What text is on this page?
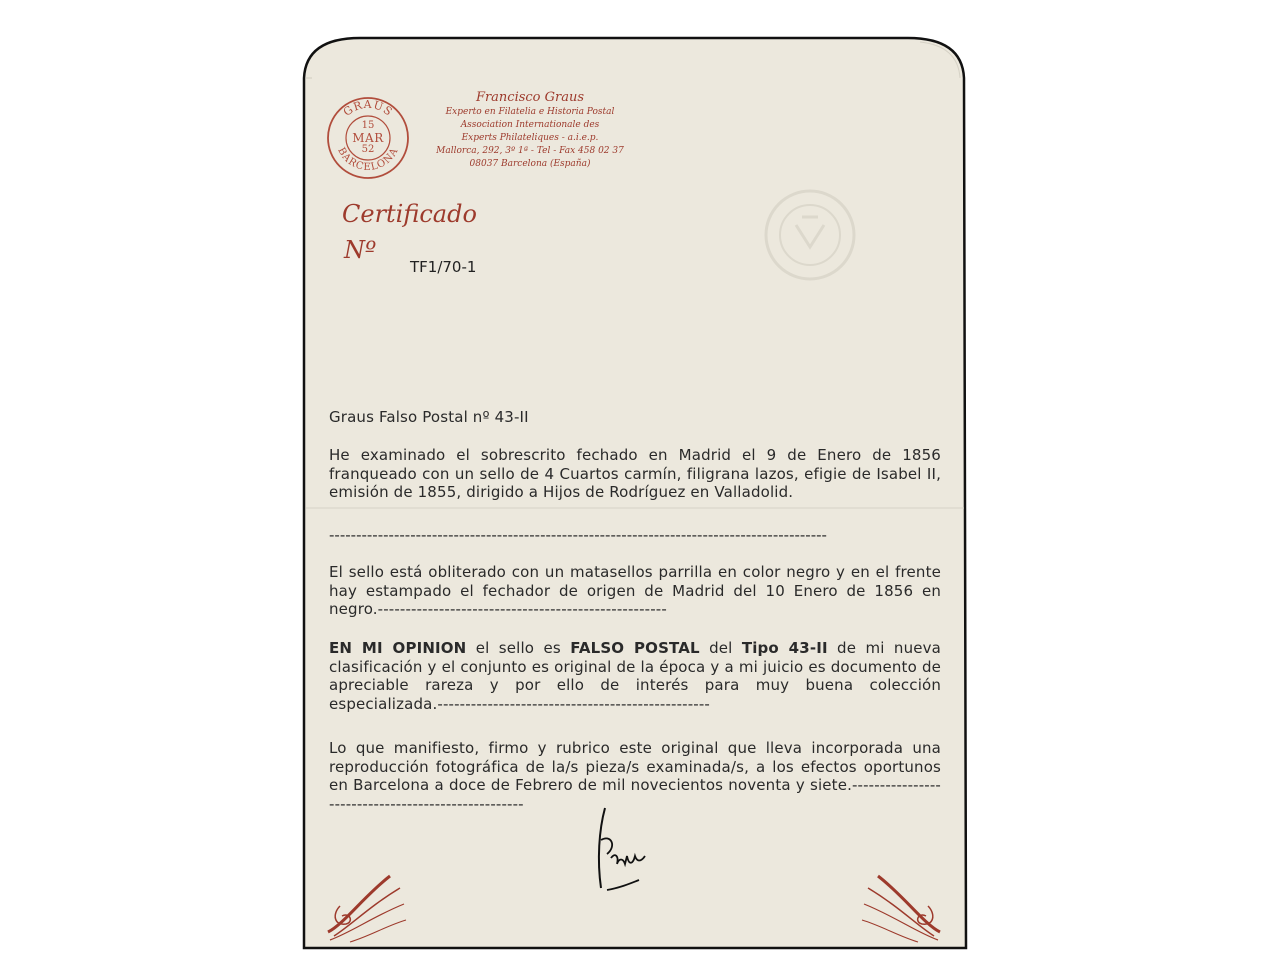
GRAUS
BARCELONA
15
MAR
52
Francisco Graus
Experto en Filatelia e Historia Postal
Association Internationale des
Experts Philateliques - a.i.e.p.
Mallorca, 292, 3º 1ª - Tel - Fax 458 02 37
08037 Barcelona (España)
Certificado
Nº
TF1/70-1

Graus Falso Postal nº 43-II

He examinado el sobrescrito fechado en Madrid el 9 de Enero de 1856 franqueado con un sello de 4 Cuartos carmín, filigrana lazos, efigie de Isabel II, emisión de 1855, dirigido a Hijos de Rodríguez en Valladolid.

--------------------------------------------------------------------------------------------

El sello está obliterado con un matasellos parrilla en color negro y en el frente hay estampado el fechador de origen de Madrid del 10 Enero de 1856 en negro.----------------------------------------------------

EN MI OPINION el sello es FALSO POSTAL del Tipo 43-II de mi nueva clasificación y el conjunto es original de la época y a mi juicio es documento de apreciable rareza y por ello de interés para muy buena colección especializada.-------------------------------------------------

Lo que manifiesto, firmo y rubrico este original que lleva incorporada una reproducción fotográfica de la/s pieza/s examinada/s, a los efectos oportunos en Barcelona a doce de Febrero de mil novecientos noventa y siete.---------------------------------------------------
